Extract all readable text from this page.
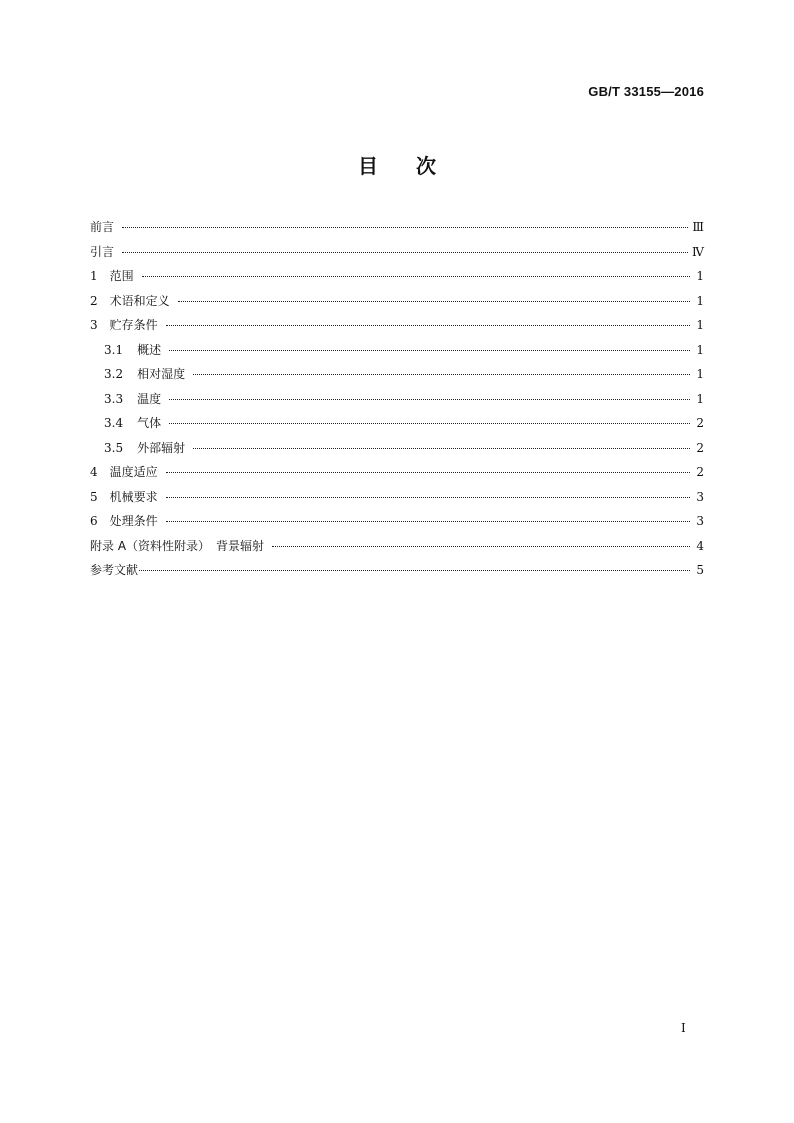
GB/T 33155—2016
目次
前言	Ⅲ
引言	Ⅳ
1 范围	1
2 术语和定义	1
3 贮存条件	1
3.1 概述	1
3.2 相对湿度	1
3.3 温度	1
3.4 气体	2
3.5 外部辐射	2
4 温度适应	2
5 机械要求	3
6 处理条件	3
附录 A（资料性附录）　背景辐射	4
参考文献	5
I
